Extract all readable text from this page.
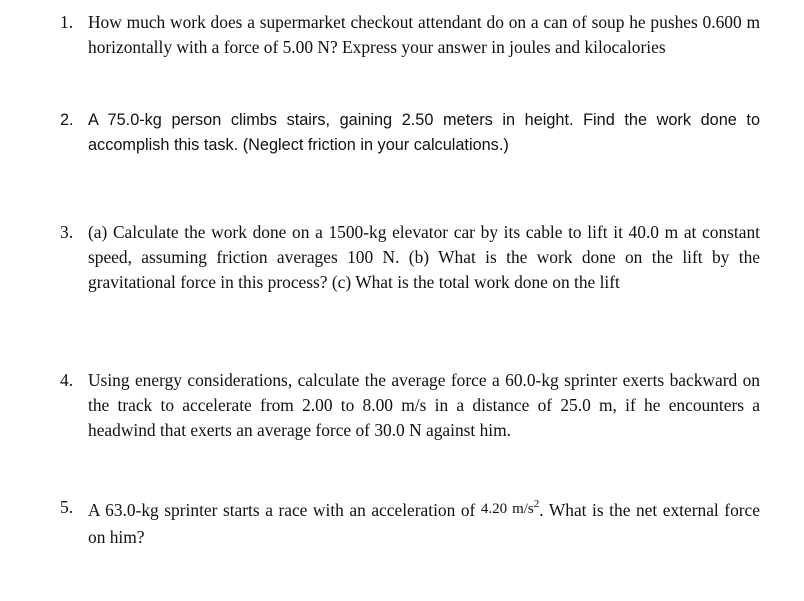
1. How much work does a supermarket checkout attendant do on a can of soup he pushes 0.600 m horizontally with a force of 5.00 N? Express your answer in joules and kilocalories
2. A 75.0-kg person climbs stairs, gaining 2.50 meters in height. Find the work done to accomplish this task. (Neglect friction in your calculations.)
3. (a) Calculate the work done on a 1500-kg elevator car by its cable to lift it 40.0 m at constant speed, assuming friction averages 100 N. (b) What is the work done on the lift by the gravitational force in this process? (c) What is the total work done on the lift
4. Using energy considerations, calculate the average force a 60.0-kg sprinter exerts backward on the track to accelerate from 2.00 to 8.00 m/s in a distance of 25.0 m, if he encounters a headwind that exerts an average force of 30.0 N against him.
5. A 63.0-kg sprinter starts a race with an acceleration of 4.20 $m/s^2$. What is the net external force on him?
